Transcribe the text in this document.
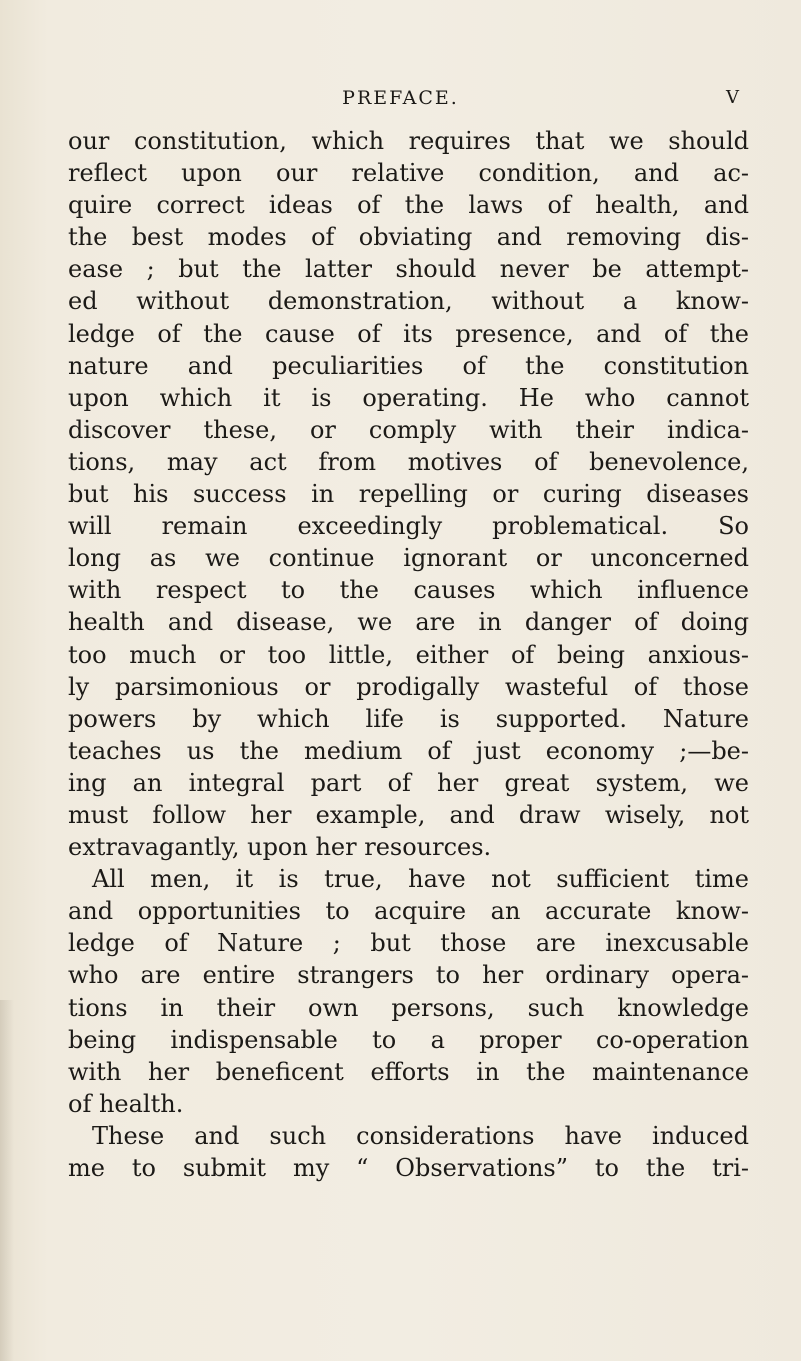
PREFACE.	V
our constitution, which requires that we should
reflect upon our relative condition, and ac-
quire correct ideas of the laws of health, and
the best modes of obviating and removing dis-
ease ; but the latter should never be attempt-
ed without demonstration, without a know-
ledge of the cause of its presence, and of the
nature and peculiarities of the constitution
upon which it is operating. He who cannot
discover these, or comply with their indica-
tions, may act from motives of benevolence,
but his success in repelling or curing diseases
will remain exceedingly problematical. So
long as we continue ignorant or unconcerned
with respect to the causes which influence
health and disease, we are in danger of doing
too much or too little, either of being anxious-
ly parsimonious or prodigally wasteful of those
powers by which life is supported. Nature
teaches us the medium of just economy ;—be-
ing an integral part of her great system, we
must follow her example, and draw wisely, not
extravagantly, upon her resources.
All men, it is true, have not sufficient time
and opportunities to acquire an accurate know-
ledge of Nature ; but those are inexcusable
who are entire strangers to her ordinary opera-
tions in their own persons, such knowledge
being indispensable to a proper co-operation
with her beneficent efforts in the maintenance
of health.
These and such considerations have induced
me to submit my “ Observations” to the tri-
